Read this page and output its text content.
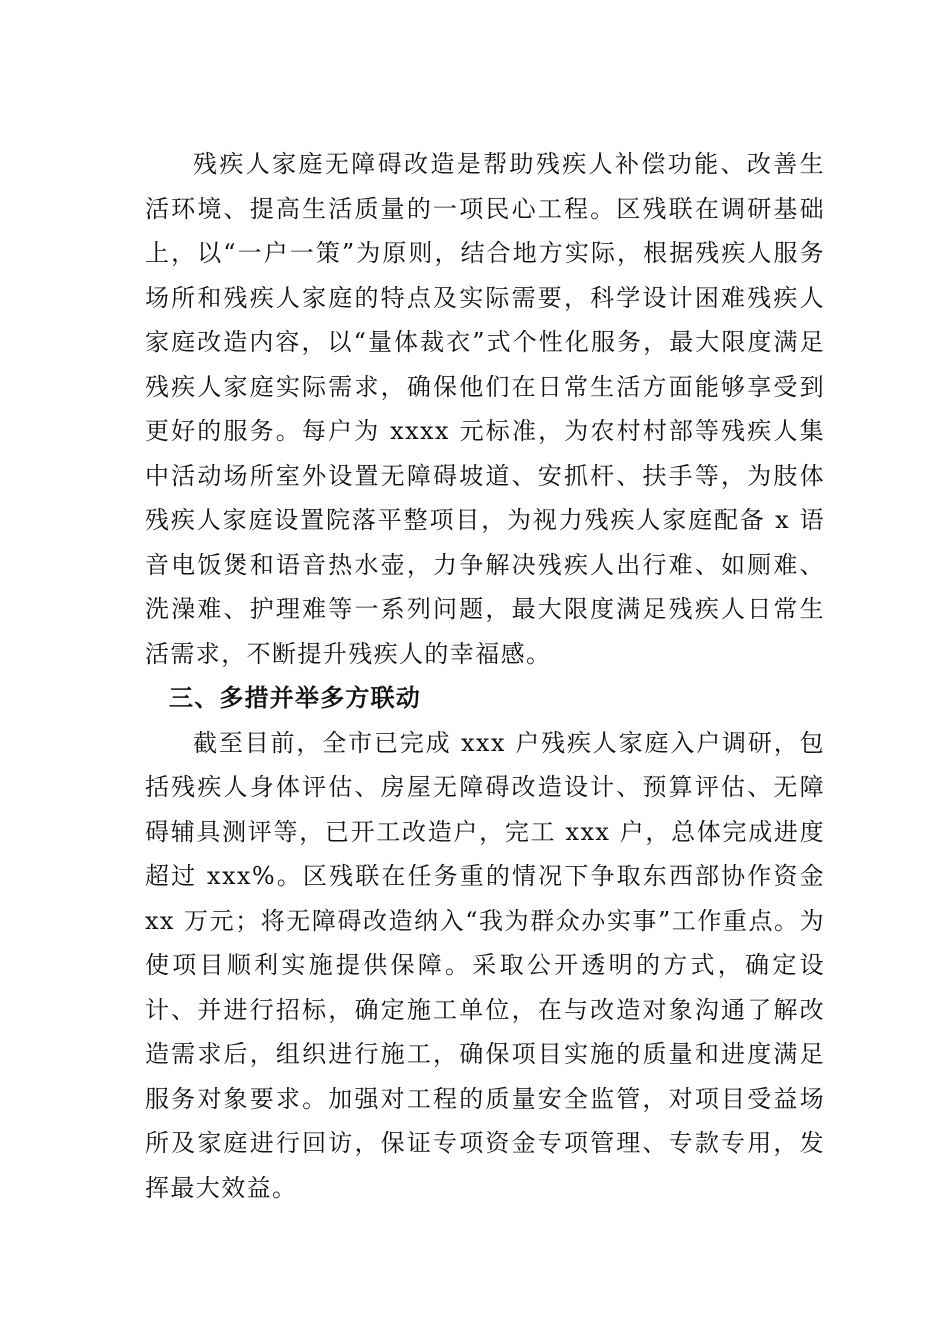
残疾人家庭无障碍改造是帮助残疾人补偿功能、改善生活环境、提高生活质量的一项民心工程。区残联在调研基础上，以“一户一策”为原则，结合地方实际，根据残疾人服务场所和残疾人家庭的特点及实际需要，科学设计困难残疾人家庭改造内容，以“量体裁衣”式个性化服务，最大限度满足残疾人家庭实际需求，确保他们在日常生活方面能够享受到更好的服务。每户为 xxxx 元标准，为农村村部等残疾人集中活动场所室外设置无障碍坡道、安抓杆、扶手等，为肢体残疾人家庭设置院落平整项目，为视力残疾人家庭配备 x 语音电饭煲和语音热水壶，力争解决残疾人出行难、如厕难、洗澡难、护理难等一系列问题，最大限度满足残疾人日常生活需求，不断提升残疾人的幸福感。

三、多措并举多方联动

截至目前，全市已完成 xxx 户残疾人家庭入户调研，包括残疾人身体评估、房屋无障碍改造设计、预算评估、无障碍辅具测评等，已开工改造户，完工 xxx 户，总体完成进度超过 xxx%。区残联在任务重的情况下争取东西部协作资金 xx 万元；将无障碍改造纳入“我为群众办实事”工作重点。为使项目顺利实施提供保障。采取公开透明的方式，确定设计、并进行招标，确定施工单位，在与改造对象沟通了解改造需求后，组织进行施工，确保项目实施的质量和进度满足服务对象要求。加强对工程的质量安全监管，对项目受益场所及家庭进行回访，保证专项资金专项管理、专款专用，发挥最大效益。
